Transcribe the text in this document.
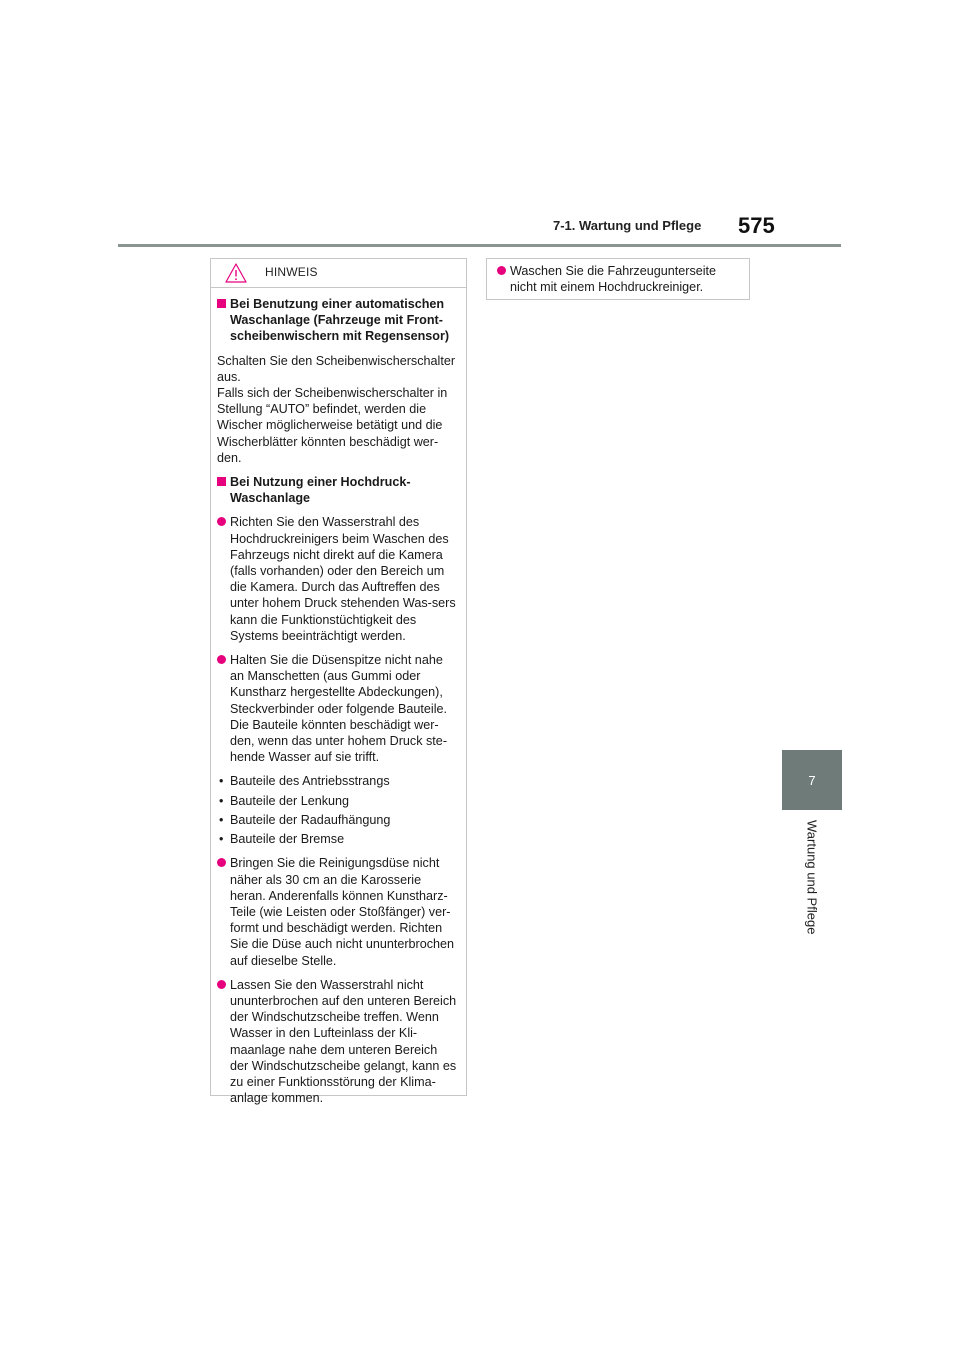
7-1. Wartung und Pflege 575
7
Wartung und Pflege
HINWEIS
Bei Benutzung einer automatischen Waschanlage (Fahrzeuge mit Front-scheibenwischern mit Regensensor)
Schalten Sie den Scheibenwischerschalter aus.
Falls sich der Scheibenwischerschalter in Stellung “AUTO” befindet, werden die Wischer möglicherweise betätigt und die Wischerblätter könnten beschädigt wer-den.
Bei Nutzung einer Hochdruck-Waschanlage
Richten Sie den Wasserstrahl des Hochdruckreinigers beim Waschen des Fahrzeugs nicht direkt auf die Kamera (falls vorhanden) oder den Bereich um die Kamera. Durch das Auftreffen des unter hohem Druck stehenden Was-sers kann die Funktionstüchtigkeit des Systems beeinträchtigt werden.
Halten Sie die Düsenspitze nicht nahe an Manschetten (aus Gummi oder Kunstharz hergestellte Abdeckungen), Steckverbinder oder folgende Bauteile. Die Bauteile könnten beschädigt wer-den, wenn das unter hohem Druck ste-hende Wasser auf sie trifft.
• Bauteile des Antriebsstrangs
• Bauteile der Lenkung
• Bauteile der Radaufhängung
• Bauteile der Bremse
Bringen Sie die Reinigungsdüse nicht näher als 30 cm an die Karosserie heran. Anderenfalls können Kunstharz-Teile (wie Leisten oder Stoßfänger) ver-formt und beschädigt werden. Richten Sie die Düse auch nicht ununterbrochen auf dieselbe Stelle.
Lassen Sie den Wasserstrahl nicht ununterbrochen auf den unteren Bereich der Windschutzscheibe treffen. Wenn Wasser in den Lufteinlass der Kli-maanlage nahe dem unteren Bereich der Windschutzscheibe gelangt, kann es zu einer Funktionsstörung der Klima-anlage kommen.
Waschen Sie die Fahrzeugunterseite nicht mit einem Hochdruckreiniger.
